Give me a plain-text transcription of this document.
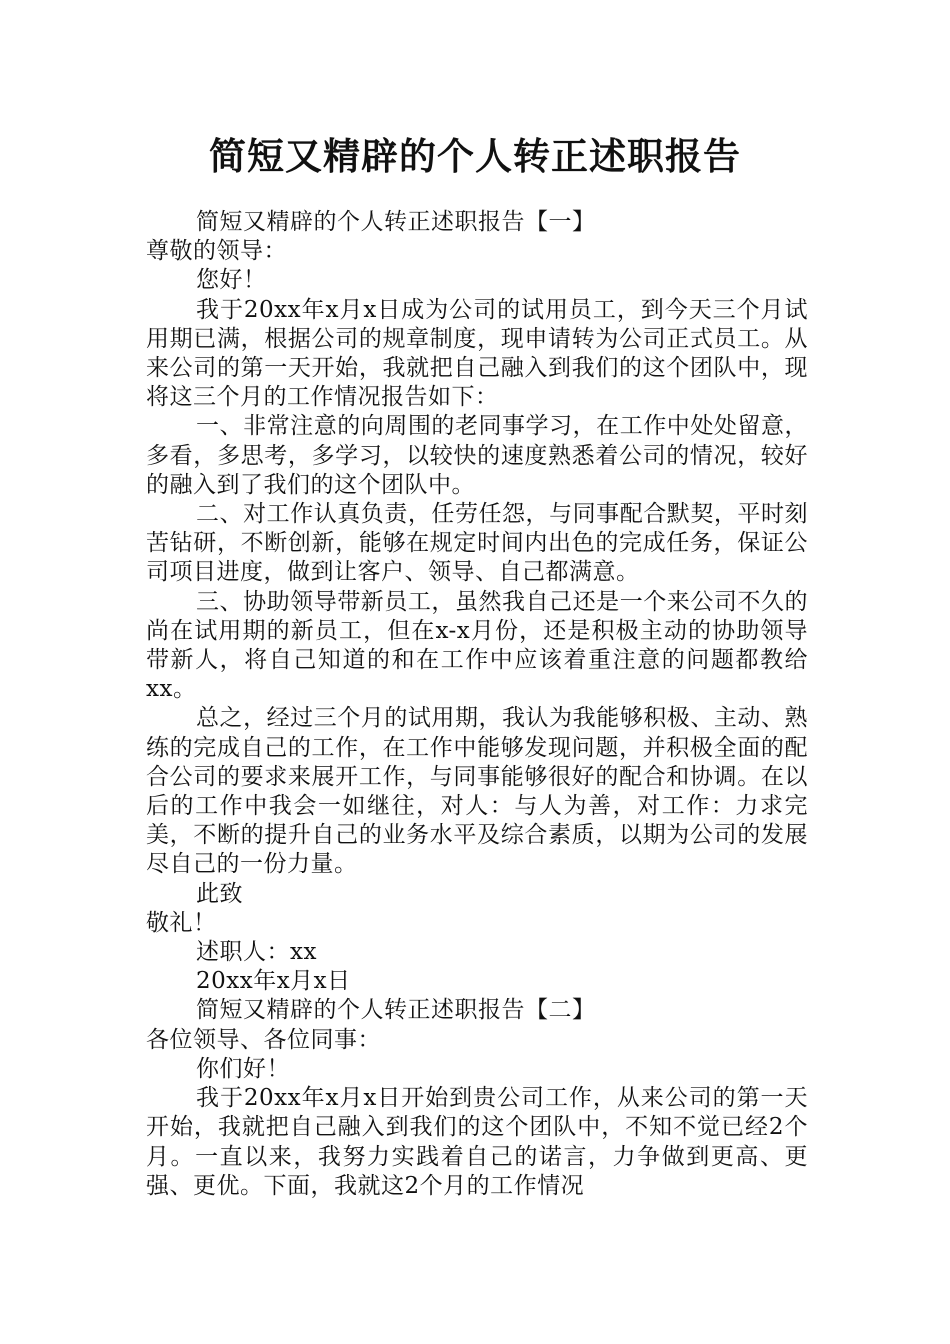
简短又精辟的个人转正述职报告

简短又精辟的个人转正述职报告【一】

尊敬的领导：

您好！

我于20xx年x月x日成为公司的试用员工，到今天三个月试用期已满，根据公司的规章制度，现申请转为公司正式员工。从来公司的第一天开始，我就把自己融入到我们的这个团队中，现将这三个月的工作情况报告如下：

一、非常注意的向周围的老同事学习，在工作中处处留意，多看，多思考，多学习，以较快的速度熟悉着公司的情况，较好的融入到了我们的这个团队中。

二、对工作认真负责，任劳任怨，与同事配合默契，平时刻苦钻研，不断创新，能够在规定时间内出色的完成任务，保证公司项目进度，做到让客户、领导、自己都满意。

三、协助领导带新员工，虽然我自己还是一个来公司不久的尚在试用期的新员工，但在x-x月份，还是积极主动的协助领导带新人，将自己知道的和在工作中应该着重注意的问题都教给xx。

总之，经过三个月的试用期，我认为我能够积极、主动、熟练的完成自己的工作，在工作中能够发现问题，并积极全面的配合公司的要求来展开工作，与同事能够很好的配合和协调。在以后的工作中我会一如继往，对人：与人为善，对工作：力求完美，不断的提升自己的业务水平及综合素质，以期为公司的发展尽自己的一份力量。

此致

敬礼！

述职人：xx

20xx年x月x日

简短又精辟的个人转正述职报告【二】

各位领导、各位同事：

你们好！

我于20xx年x月x日开始到贵公司工作，从来公司的第一天开始，我就把自己融入到我们的这个团队中，不知不觉已经2个月。一直以来，我努力实践着自己的诺言，力争做到更高、更强、更优。下面，我就这2个月的工作情况
